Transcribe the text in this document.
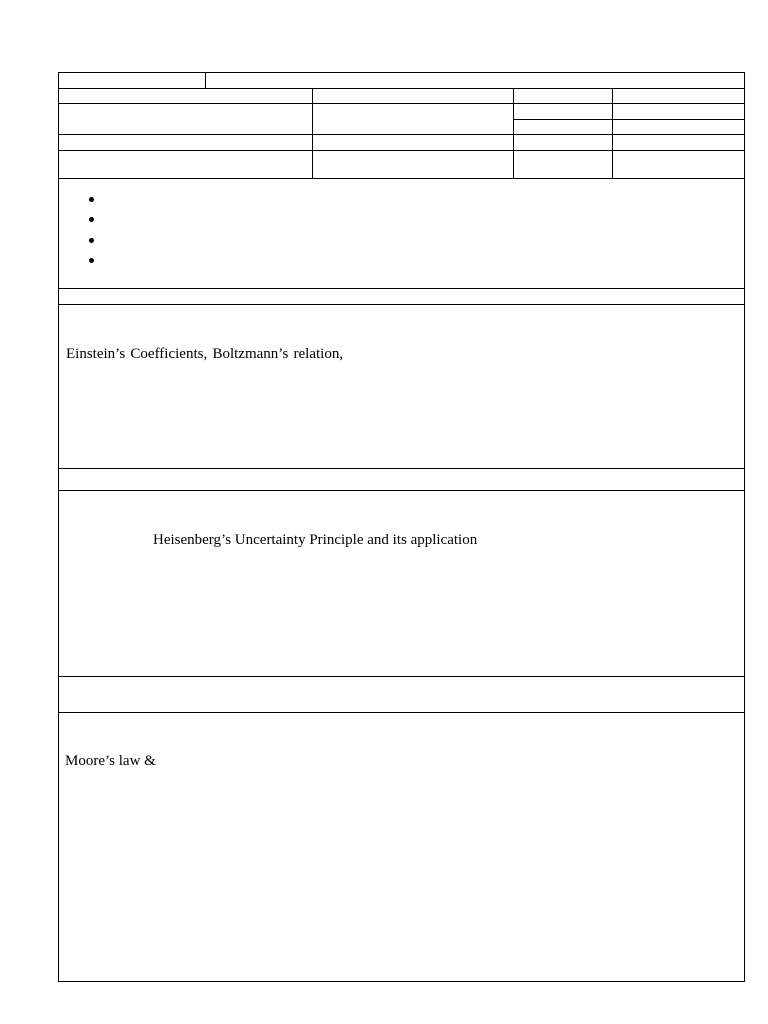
Einstein’s Coefficients, Boltzmann’s relation,
Heisenberg’s Uncertainty Principle and its application
Moore’s law &
